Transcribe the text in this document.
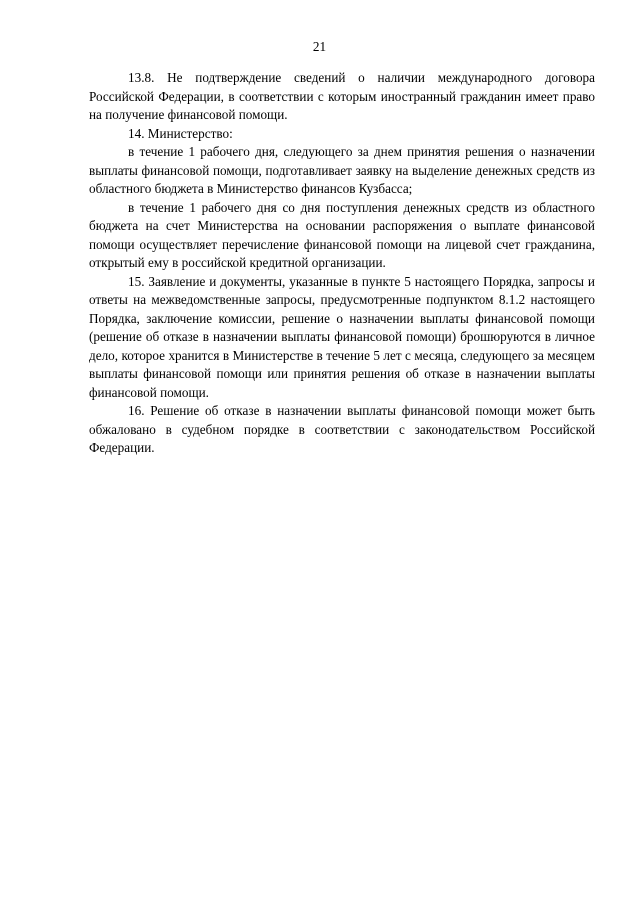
21

13.8. Не подтверждение сведений о наличии международного договора Российской Федерации, в соответствии с которым иностранный гражданин имеет право на получение финансовой помощи.

14. Министерство:

в течение 1 рабочего дня, следующего за днем принятия решения о назначении выплаты финансовой помощи, подготавливает заявку на выделение денежных средств из областного бюджета в Министерство финансов Кузбасса;

в течение 1 рабочего дня со дня поступления денежных средств из областного бюджета на счет Министерства на основании распоряжения о выплате финансовой помощи осуществляет перечисление финансовой помощи на лицевой счет гражданина, открытый ему в российской кредитной организации.

15. Заявление и документы, указанные в пункте 5 настоящего Порядка, запросы и ответы на межведомственные запросы, предусмотренные подпунктом 8.1.2 настоящего Порядка, заключение комиссии, решение о назначении выплаты финансовой помощи (решение об отказе в назначении выплаты финансовой помощи) брошюруются в личное дело, которое хранится в Министерстве в течение 5 лет с месяца, следующего за месяцем выплаты финансовой помощи или принятия решения об отказе в назначении выплаты финансовой помощи.

16. Решение об отказе в назначении выплаты финансовой помощи может быть обжаловано в судебном порядке в соответствии с законодательством Российской Федерации.
